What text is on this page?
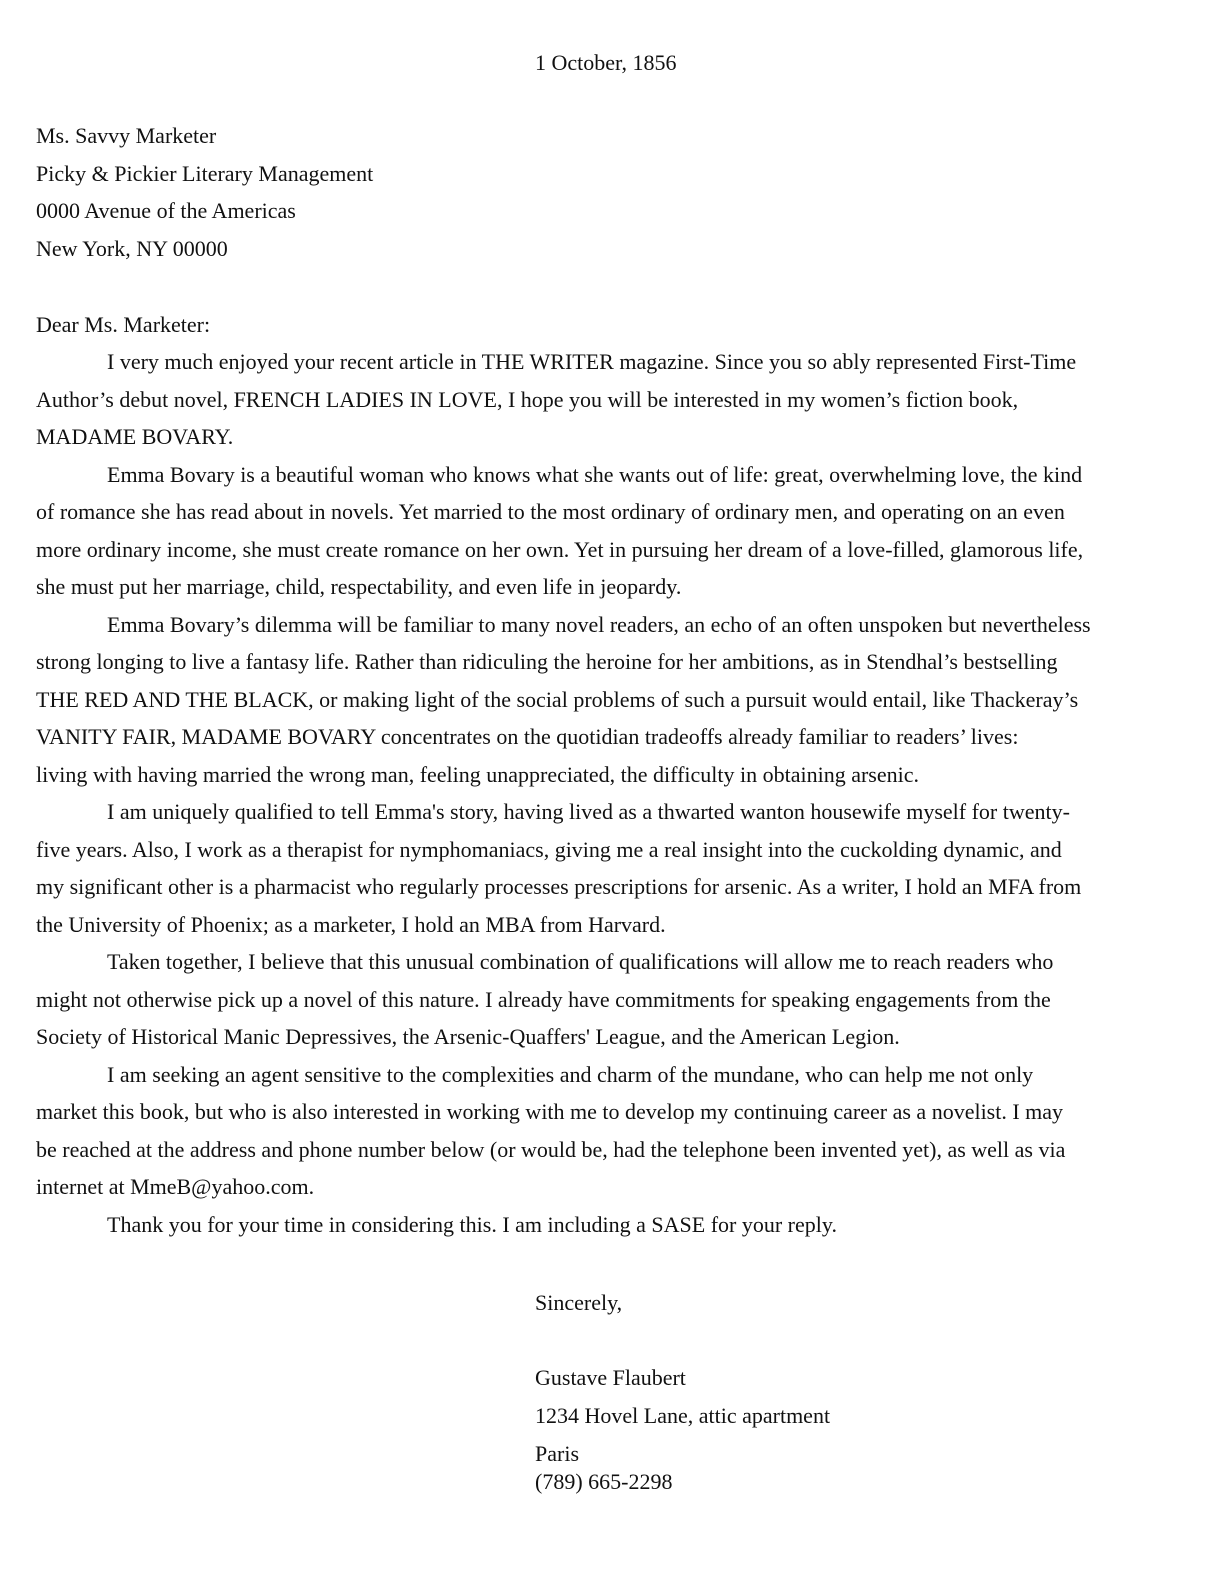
1 October, 1856
Ms. Savvy Marketer
Picky & Pickier Literary Management
0000 Avenue of the Americas
New York, NY 00000
Dear Ms. Marketer:
I very much enjoyed your recent article in THE WRITER magazine. Since you so ably represented First-Time
Author’s debut novel, FRENCH LADIES IN LOVE, I hope you will be interested in my women’s fiction book,
MADAME BOVARY.
Emma Bovary is a beautiful woman who knows what she wants out of life: great, overwhelming love, the kind
of romance she has read about in novels. Yet married to the most ordinary of ordinary men, and operating on an even
more ordinary income, she must create romance on her own. Yet in pursuing her dream of a love-filled, glamorous life,
she must put her marriage, child, respectability, and even life in jeopardy.
Emma Bovary’s dilemma will be familiar to many novel readers, an echo of an often unspoken but nevertheless
strong longing to live a fantasy life. Rather than ridiculing the heroine for her ambitions, as in Stendhal’s bestselling
THE RED AND THE BLACK, or making light of the social problems of such a pursuit would entail, like Thackeray’s
VANITY FAIR, MADAME BOVARY concentrates on the quotidian tradeoffs already familiar to readers’ lives:
living with having married the wrong man, feeling unappreciated, the difficulty in obtaining arsenic.
I am uniquely qualified to tell Emma's story, having lived as a thwarted wanton housewife myself for twenty-
five years. Also, I work as a therapist for nymphomaniacs, giving me a real insight into the cuckolding dynamic, and
my significant other is a pharmacist who regularly processes prescriptions for arsenic. As a writer, I hold an MFA from
the University of Phoenix; as a marketer, I hold an MBA from Harvard.
Taken together, I believe that this unusual combination of qualifications will allow me to reach readers who
might not otherwise pick up a novel of this nature. I already have commitments for speaking engagements from the
Society of Historical Manic Depressives, the Arsenic-Quaffers' League, and the American Legion.
I am seeking an agent sensitive to the complexities and charm of the mundane, who can help me not only
market this book, but who is also interested in working with me to develop my continuing career as a novelist. I may
be reached at the address and phone number below (or would be, had the telephone been invented yet), as well as via
internet at MmeB@yahoo.com.
Thank you for your time in considering this. I am including a SASE for your reply.
Sincerely,
Gustave Flaubert
1234 Hovel Lane, attic apartment
Paris
(789) 665-2298
